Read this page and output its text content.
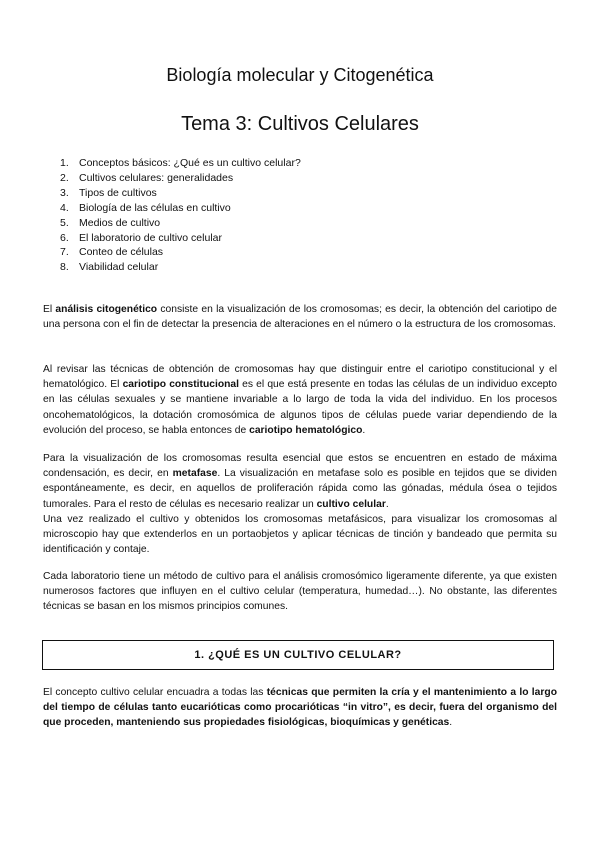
Biología molecular y Citogenética
Tema 3: Cultivos Celulares
1. Conceptos básicos: ¿Qué es un cultivo celular?
2. Cultivos celulares: generalidades
3. Tipos de cultivos
4. Biología de las células en cultivo
5. Medios de cultivo
6. El laboratorio de cultivo celular
7. Conteo de células
8. Viabilidad celular

El análisis citogenético consiste en la visualización de los cromosomas; es decir, la obtención del cariotipo de una persona con el fin de detectar la presencia de alteraciones en el número o la estructura de los cromosomas.

Al revisar las técnicas de obtención de cromosomas hay que distinguir entre el cariotipo constitucional y el hematológico. El cariotipo constitucional es el que está presente en todas las células de un individuo excepto en las células sexuales y se mantiene invariable a lo largo de toda la vida del individuo. En los procesos oncohematológicos, la dotación cromosómica de algunos tipos de células puede variar dependiendo de la evolución del proceso, se habla entonces de cariotipo hematológico.

Para la visualización de los cromosomas resulta esencial que estos se encuentren en estado de máxima condensación, es decir, en metafase. La visualización en metafase solo es posible en tejidos que se dividen espontáneamente, es decir, en aquellos de proliferación rápida como las gónadas, médula ósea o tejidos tumorales. Para el resto de células es necesario realizar un cultivo celular.
Una vez realizado el cultivo y obtenidos los cromosomas metafásicos, para visualizar los cromosomas al microscopio hay que extenderlos en un portaobjetos y aplicar técnicas de tinción y bandeado que permita su identificación y contaje.

Cada laboratorio tiene un método de cultivo para el análisis cromosómico ligeramente diferente, ya que existen numerosos factores que influyen en el cultivo celular (temperatura, humedad…). No obstante, las diferentes técnicas se basan en los mismos principios comunes.

1. ¿QUÉ ES UN CULTIVO CELULAR?

El concepto cultivo celular encuadra a todas las técnicas que permiten la cría y el mantenimiento a lo largo del tiempo de células tanto eucarióticas como procarióticas “in vitro”, es decir, fuera del organismo del que proceden, manteniendo sus propiedades fisiológicas, bioquímicas y genéticas.
